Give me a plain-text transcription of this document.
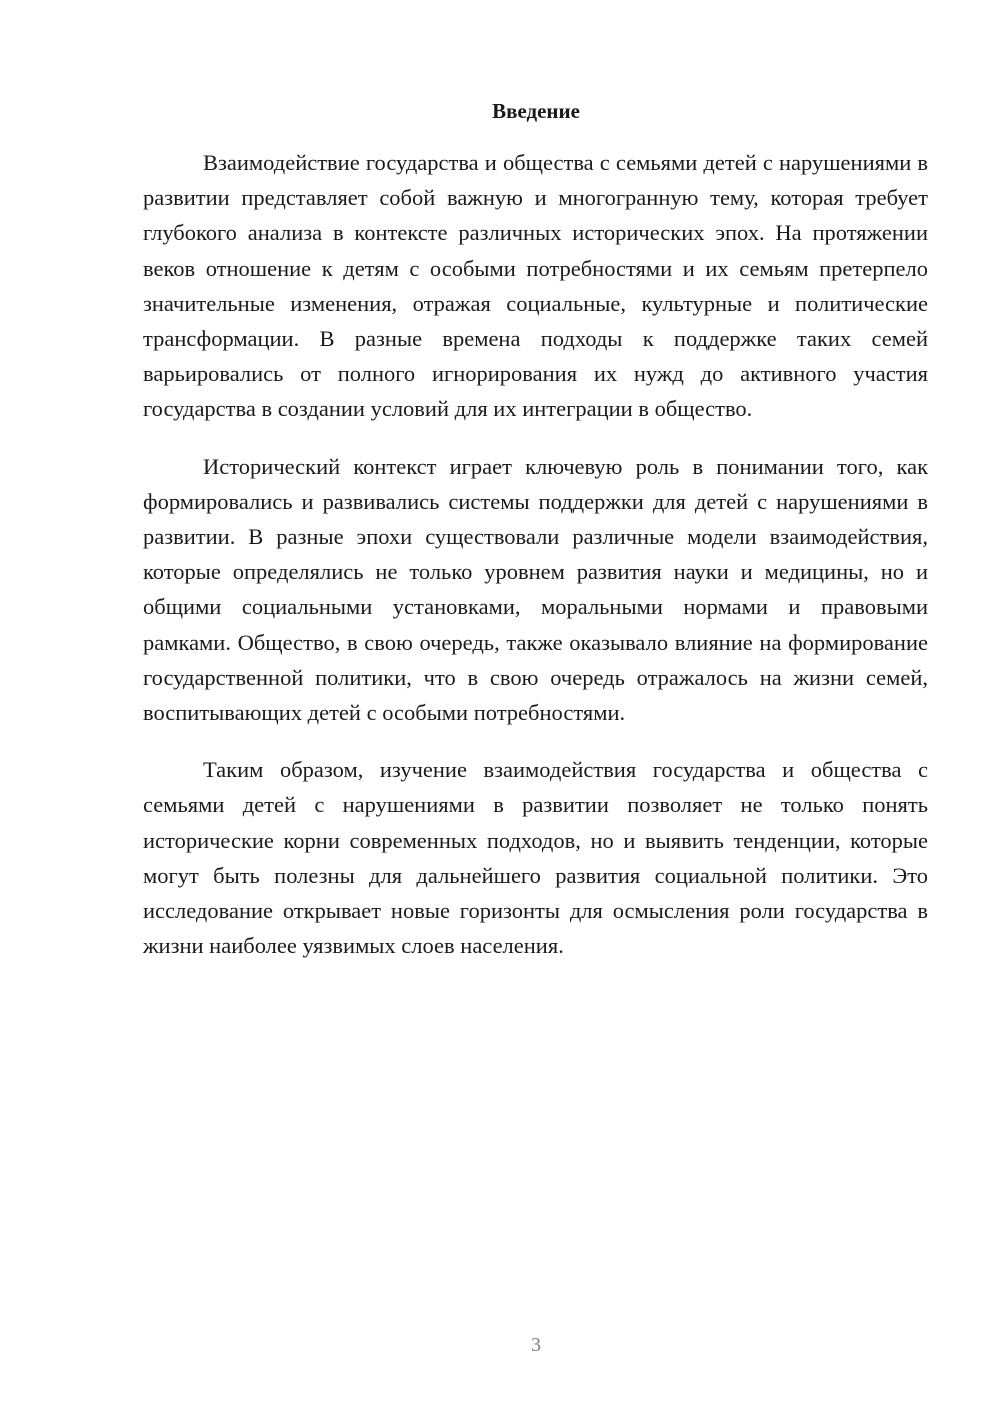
Введение

Взаимодействие государства и общества с семьями детей с нарушениями в развитии представляет собой важную и многогранную тему, которая требует глубокого анализа в контексте различных исторических эпох. На протяжении веков отношение к детям с особыми потребностями и их семьям претерпело значительные изменения, отражая социальные, культурные и политические трансформации. В разные времена подходы к поддержке таких семей варьировались от полного игнорирования их нужд до активного участия государства в создании условий для их интеграции в общество.

Исторический контекст играет ключевую роль в понимании того, как формировались и развивались системы поддержки для детей с нарушениями в развитии. В разные эпохи существовали различные модели взаимодействия, которые определялись не только уровнем развития науки и медицины, но и общими социальными установками, моральными нормами и правовыми рамками. Общество, в свою очередь, также оказывало влияние на формирование государственной политики, что в свою очередь отражалось на жизни семей, воспитывающих детей с особыми потребностями.

Таким образом, изучение взаимодействия государства и общества с семьями детей с нарушениями в развитии позволяет не только понять исторические корни современных подходов, но и выявить тенденции, которые могут быть полезны для дальнейшего развития социальной политики. Это исследование открывает новые горизонты для осмысления роли государства в жизни наиболее уязвимых слоев населения.

3
